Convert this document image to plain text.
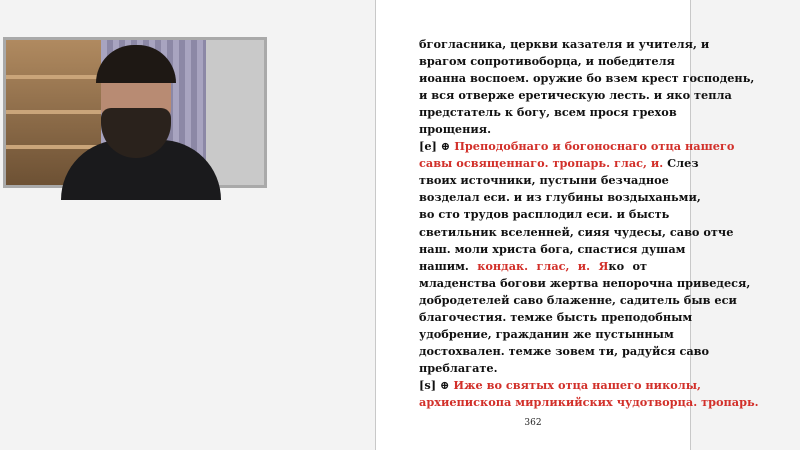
бгогласника, церкви казателя и учителя, и
врагом сопротивоборца, и победителя
иоанна воспоем. оружие бо взем крест господень,
и вся отверже еретическую лесть. и яко тепла
предстатель к богу, всем прося грехов
прощения.
[е] ⊕ Преподобнаго и богоноснаго отца нашего
савы освященнаго. тропарь. глас, и. Слез
твоих источники, пустыни безчадное
возделал еси. и из глубины воздыханьми,
во сто трудов расплодил еси. и бысть
светильник вселенней, сияя чудесы, саво отче
наш. моли христа бога, спастися душам
нашим. кондак. глас, и. Яко от
младенства богови жертва непорочна приведеся,
добродетелей саво блаженне, садитель быв еси
благочестия. темже бысть преподобным
удобрение, гражданин же пустынным
достохвален. темже зовем ти, радуйся саво
преблагате.
[s] ⊕ Иже во святых отца нашего николы,
архиепископа мирликийских чудотворца. тропарь.
362
